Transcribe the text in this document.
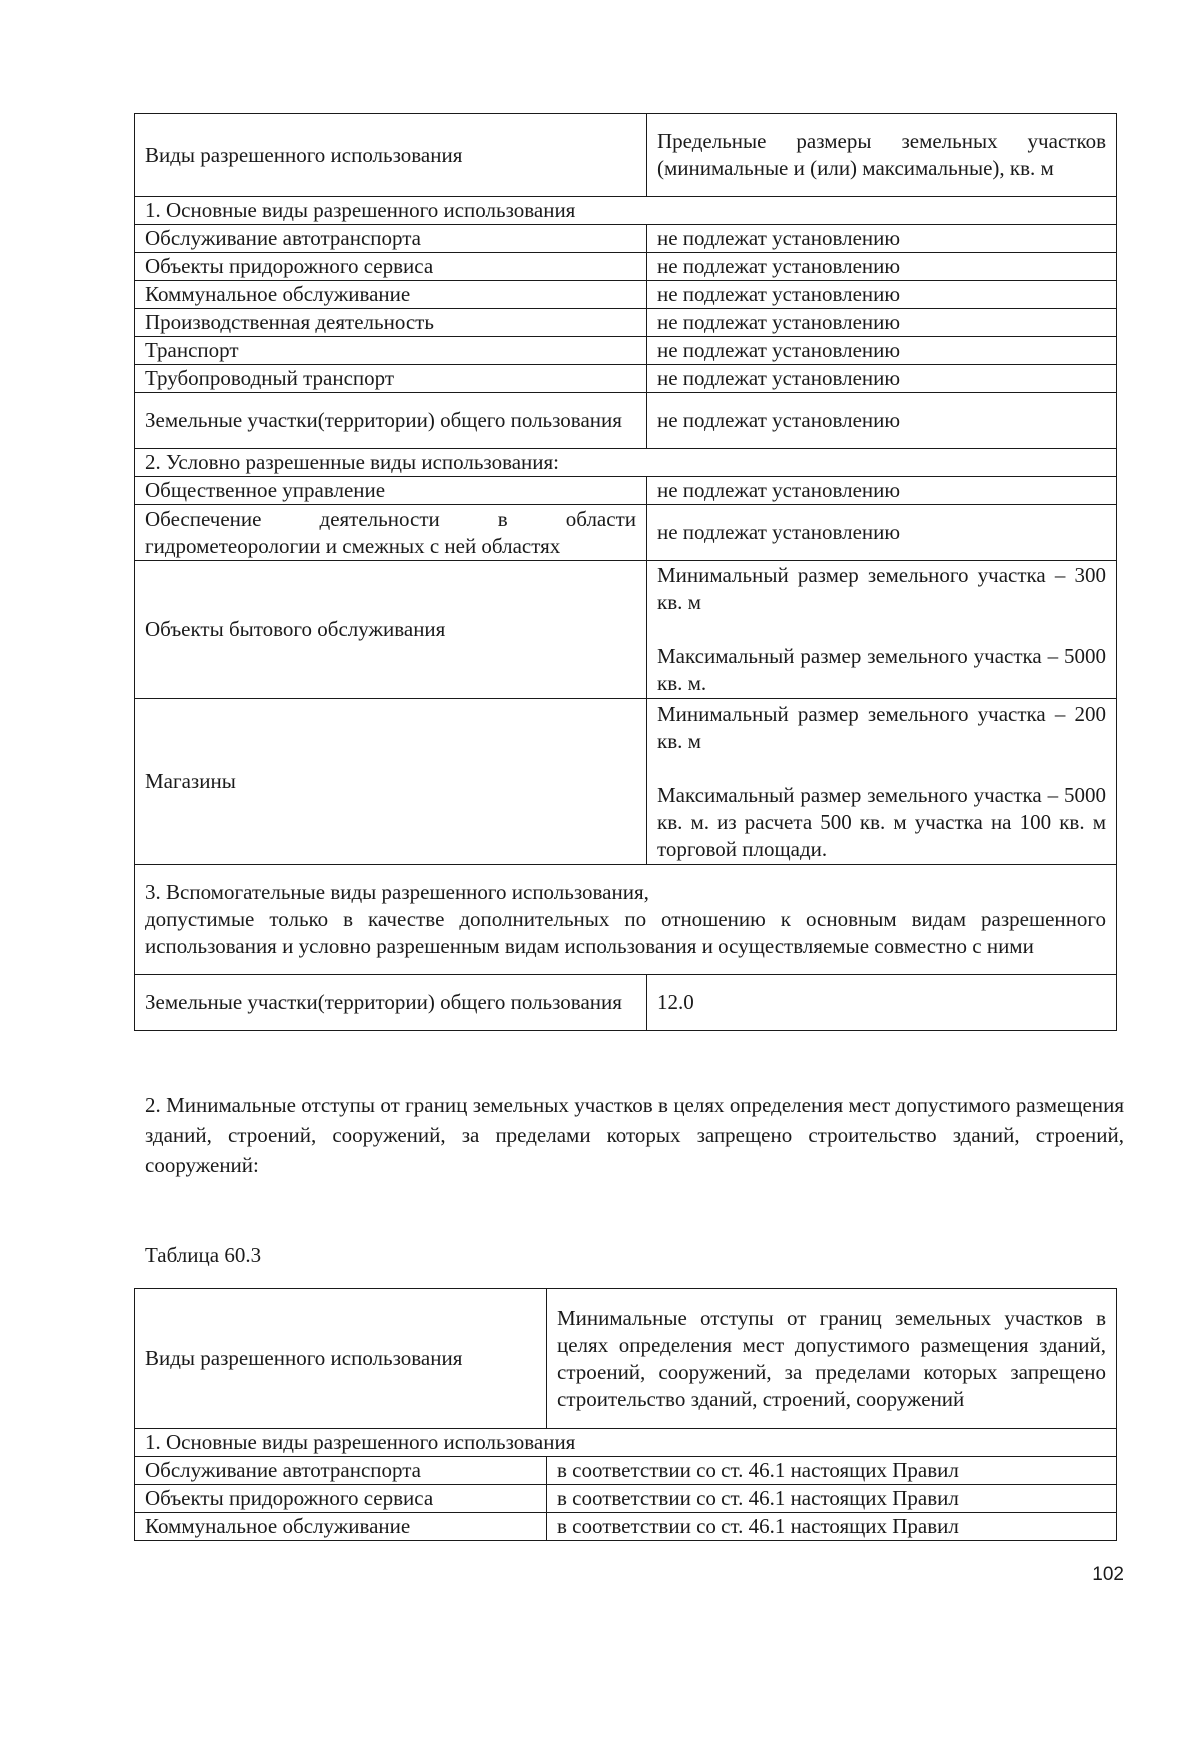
Виды разрешенного использования	Предельные размеры земельных участков (минимальные и (или) максимальные), кв. м
1. Основные виды разрешенного использования	
Обслуживание автотранспорта	не подлежат установлению
Объекты придорожного сервиса	не подлежат установлению
Коммунальное обслуживание	не подлежат установлению
Производственная деятельность	не подлежат установлению
Транспорт	не подлежат установлению
Трубопроводный транспорт	не подлежат установлению
Земельные участки(территории) общего пользования	не подлежат установлению
2. Условно разрешенные виды использования:	
Общественное управление	не подлежат установлению
Обеспечение деятельности в области гидрометеорологии и смежных с ней областях	не подлежат установлению
Объекты бытового обслуживания	Минимальный размер земельного участка – 300 кв. м
Максимальный размер земельного участка – 5000 кв. м.

Магазины	Минимальный размер земельного участка – 200 кв. м
Максимальный размер земельного участка – 5000 кв. м. из расчета 500 кв. м участка на 100 кв. м торговой площади.

3. Вспомогательные виды разрешенного использования,
допустимые только в качестве дополнительных по отношению к основным видам разрешенного использования и условно разрешенным видам использования и осуществляемые совместно с ними	

Земельные участки(территории) общего пользования	12.0
2. Минимальные отступы от границ земельных участков в целях определения мест допустимого размещения зданий, строений, сооружений, за пределами которых запрещено строительство зданий, строений, сооружений:
Таблица 60.3
Виды разрешенного использования	Минимальные отступы от границ земельных участков в целях определения мест допустимого размещения зданий, строений, сооружений, за пределами которых запрещено строительство зданий, строений, сооружений
1. Основные виды разрешенного использования	
Обслуживание автотранспорта	в соответствии со ст. 46.1 настоящих Правил
Объекты придорожного сервиса	в соответствии со ст. 46.1 настоящих Правил
Коммунальное обслуживание	в соответствии со ст. 46.1 настоящих Правил
102
